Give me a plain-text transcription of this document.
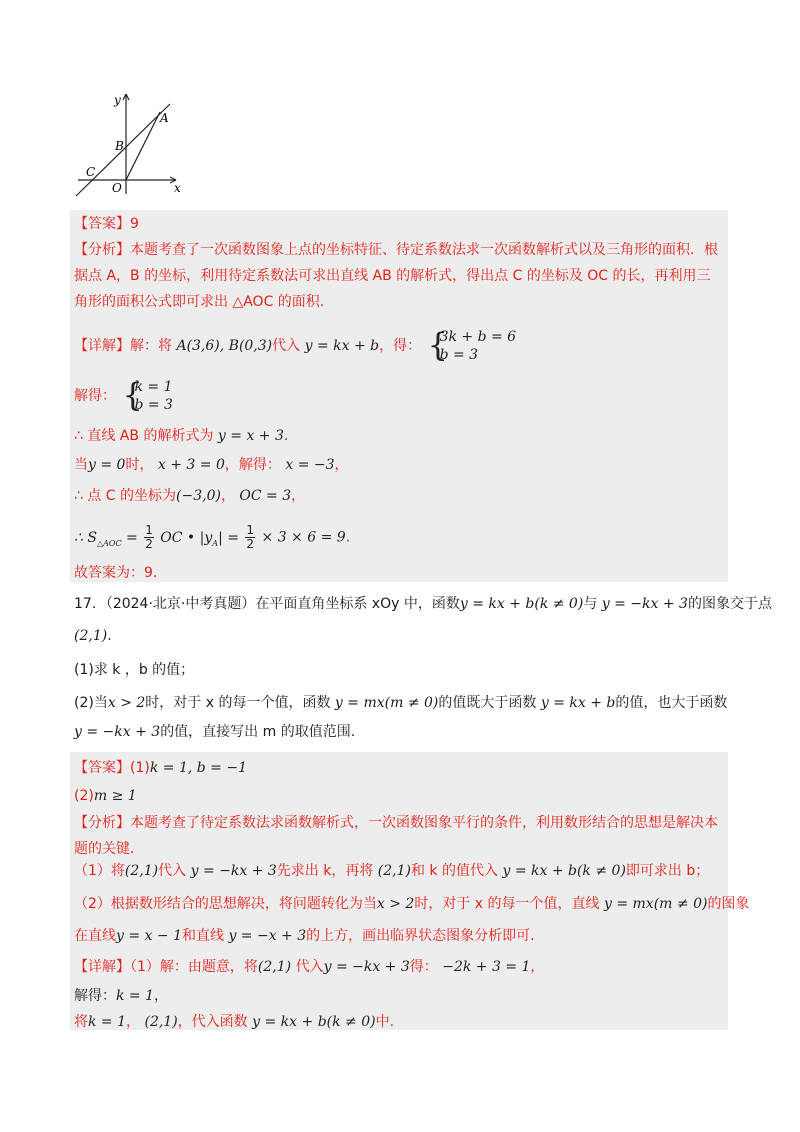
y
x
A
B
C
O
【答案】9
【分析】本题考查了一次函数图象上点的坐标特征、待定系数法求一次函数解析式以及三角形的面积．根据点 A，B 的坐标，利用待定系数法可求出直线 AB 的解析式，得出点 C 的坐标及 OC 的长，再利用三角形的面积公式即可求出 △AOC 的面积．
【详解】解：将 A(3,6), B(0,3)代入 y = kx + b，得：
{ 3k + b = 6
b = 3
解得：
{ k = 1
b = 3
∴ 直线 AB 的解析式为 y = x + 3．
当y = 0时， x + 3 = 0，解得： x = −3，
∴ 点 C 的坐标为(−3,0)， OC = 3，
∴ $S_{\triangle AOC} = \frac{1}{2}$ OC • $|y_A| = \frac{1}{2} \times 3 \times 6 = 9$．
故答案为：9．
17．（2024·北京·中考真题）在平面直角坐标系 xOy 中，函数y = kx + b(k ≠ 0)与 y = −kx + 3的图象交于点
(2,1).
(1)求 k ，b 的值；
(2)当x > 2时，对于 x 的每一个值，函数 y = mx(m ≠ 0)的值既大于函数 y = kx + b的值，也大于函数
y = −kx + 3的值，直接写出 m 的取值范围.
【答案】(1)k = 1, b = −1
(2)m ≥ 1
【分析】本题考查了待定系数法求函数解析式，一次函数图象平行的条件，利用数形结合的思想是解决本题的关键．
（1）将(2,1)代入 y = −kx + 3先求出 k，再将 (2,1)和 k 的值代入 y = kx + b(k ≠ 0)即可求出 b；
（2）根据数形结合的思想解决，将问题转化为当x > 2时，对于 x 的每一个值，直线 y = mx(m ≠ 0)的图象
在直线y = x − 1和直线 y = −x + 3的上方，画出临界状态图象分析即可．
【详解】（1）解：由题意，将(2,1) 代入y = −kx + 3得： −2k + 3 = 1，
解得：k = 1，
将k = 1， (2,1)，代入函数 y = kx + b(k ≠ 0)中.
